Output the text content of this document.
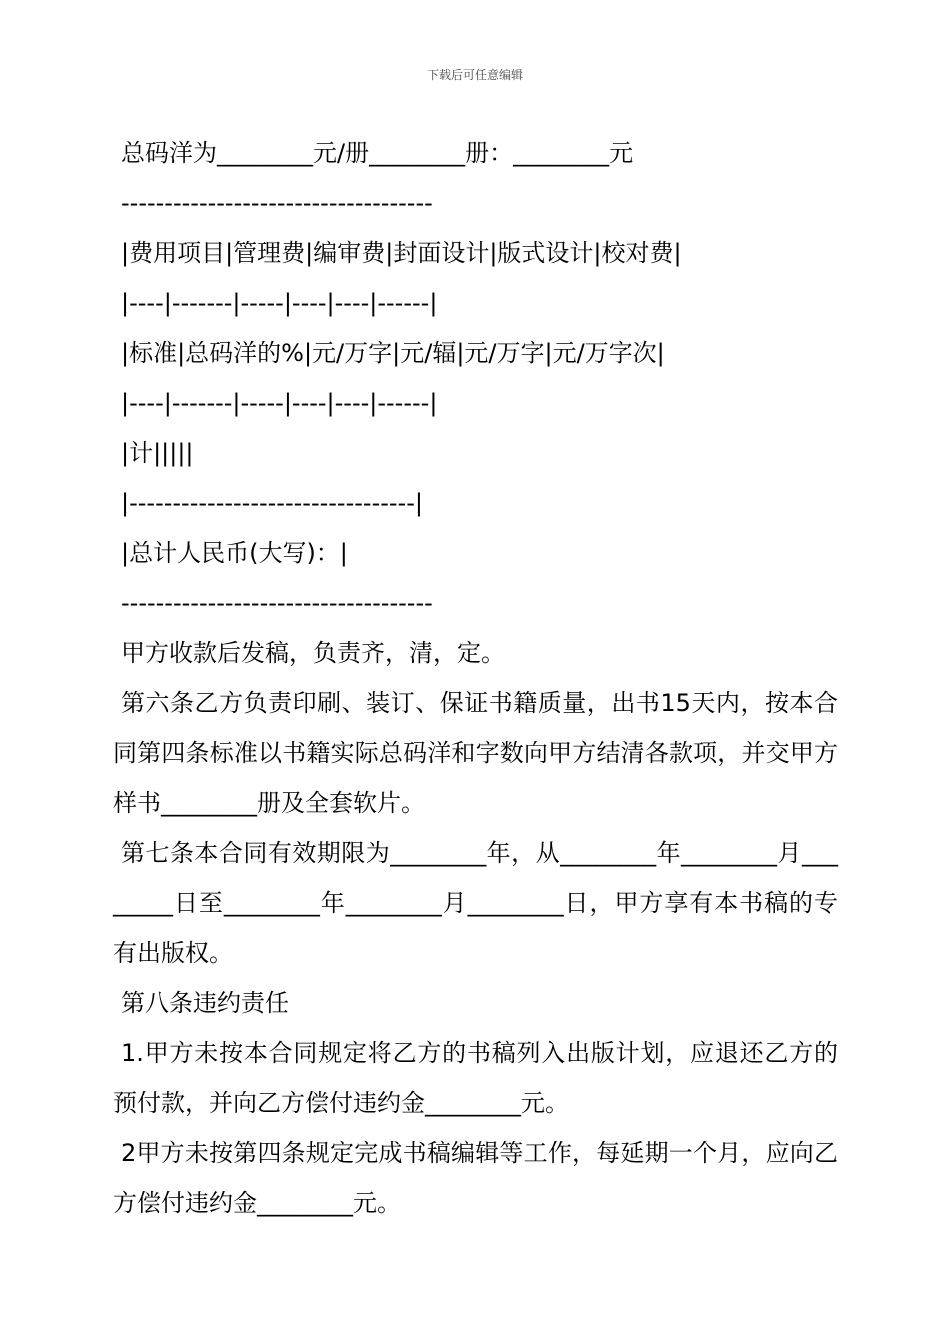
下载后可任意编辑
总码洋为________元/册________册：________元
------------------------------------
|费用项目|管理费|编审费|封面设计|版式设计|校对费|
|----|-------|-----|----|----|------|
|标准|总码洋的%|元/万字|元/辐|元/万字|元/万字次|
|----|-------|-----|----|----|------|
|计|||||
|---------------------------------|
|总计人民币(大写)：|
------------------------------------
甲方收款后发稿，负责齐，清，定。
第六条乙方负责印刷、装订、保证书籍质量，出书15天内，按本合同第四条标准以书籍实际总码洋和字数向甲方结清各款项，并交甲方样书________册及全套软片。
第七条本合同有效期限为________年，从________年________月________日至________年________月________日，甲方享有本书稿的专有出版权。
第八条违约责任
1.甲方未按本合同规定将乙方的书稿列入出版计划，应退还乙方的预付款，并向乙方偿付违约金________元。
2甲方未按第四条规定完成书稿编辑等工作，每延期一个月，应向乙方偿付违约金________元。
